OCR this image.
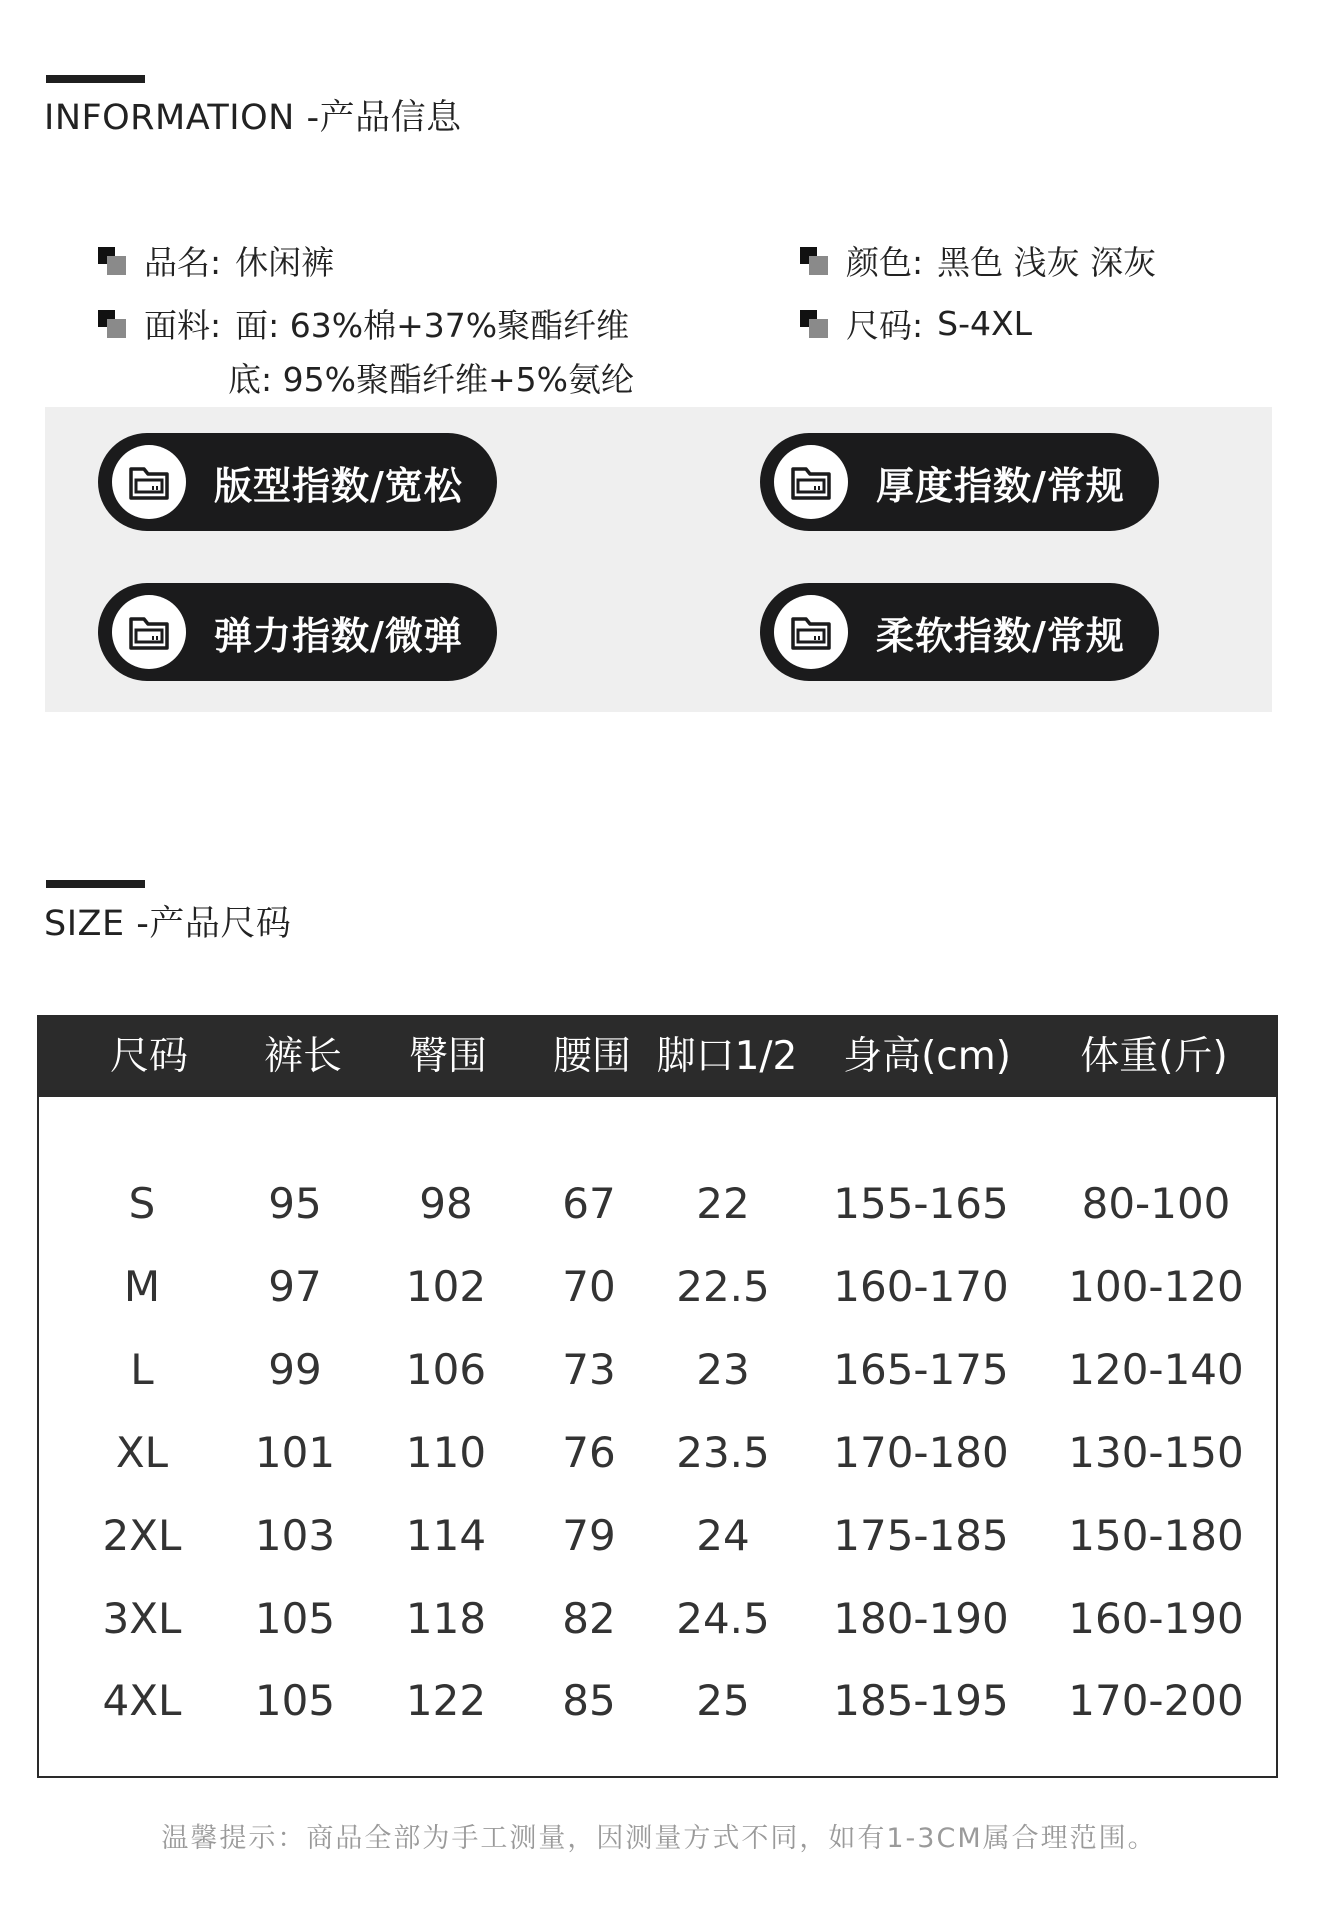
INFORMATION -产品信息
品名: 休闲裤
面料: 面: 63%棉+37%聚酯纤维
底: 95%聚酯纤维+5%氨纶
颜色: 黑色 浅灰 深灰
尺码: S-4XL
版型指数/宽松	厚度指数/常规
弹力指数/微弹	柔软指数/常规
SIZE -产品尺码
尺码 裤长 臀围 腰围 脚口1/2 身高(cm) 体重(斤)
S	95 98 67 22 155-165 80-100
M	97 102 70 22.5 160-170 100-120
L	99 106 73 23 165-175 120-140
XL 101 110 76 23.5 170-180 130-150
2XL 103 114 79 24 175-185 150-180
3XL 105 118 82 24.5 180-190 160-190
4XL 105 122 85 25 185-195 170-200
温馨提示：商品全部为手工测量，因测量方式不同，如有1-3CM属合理范围。
